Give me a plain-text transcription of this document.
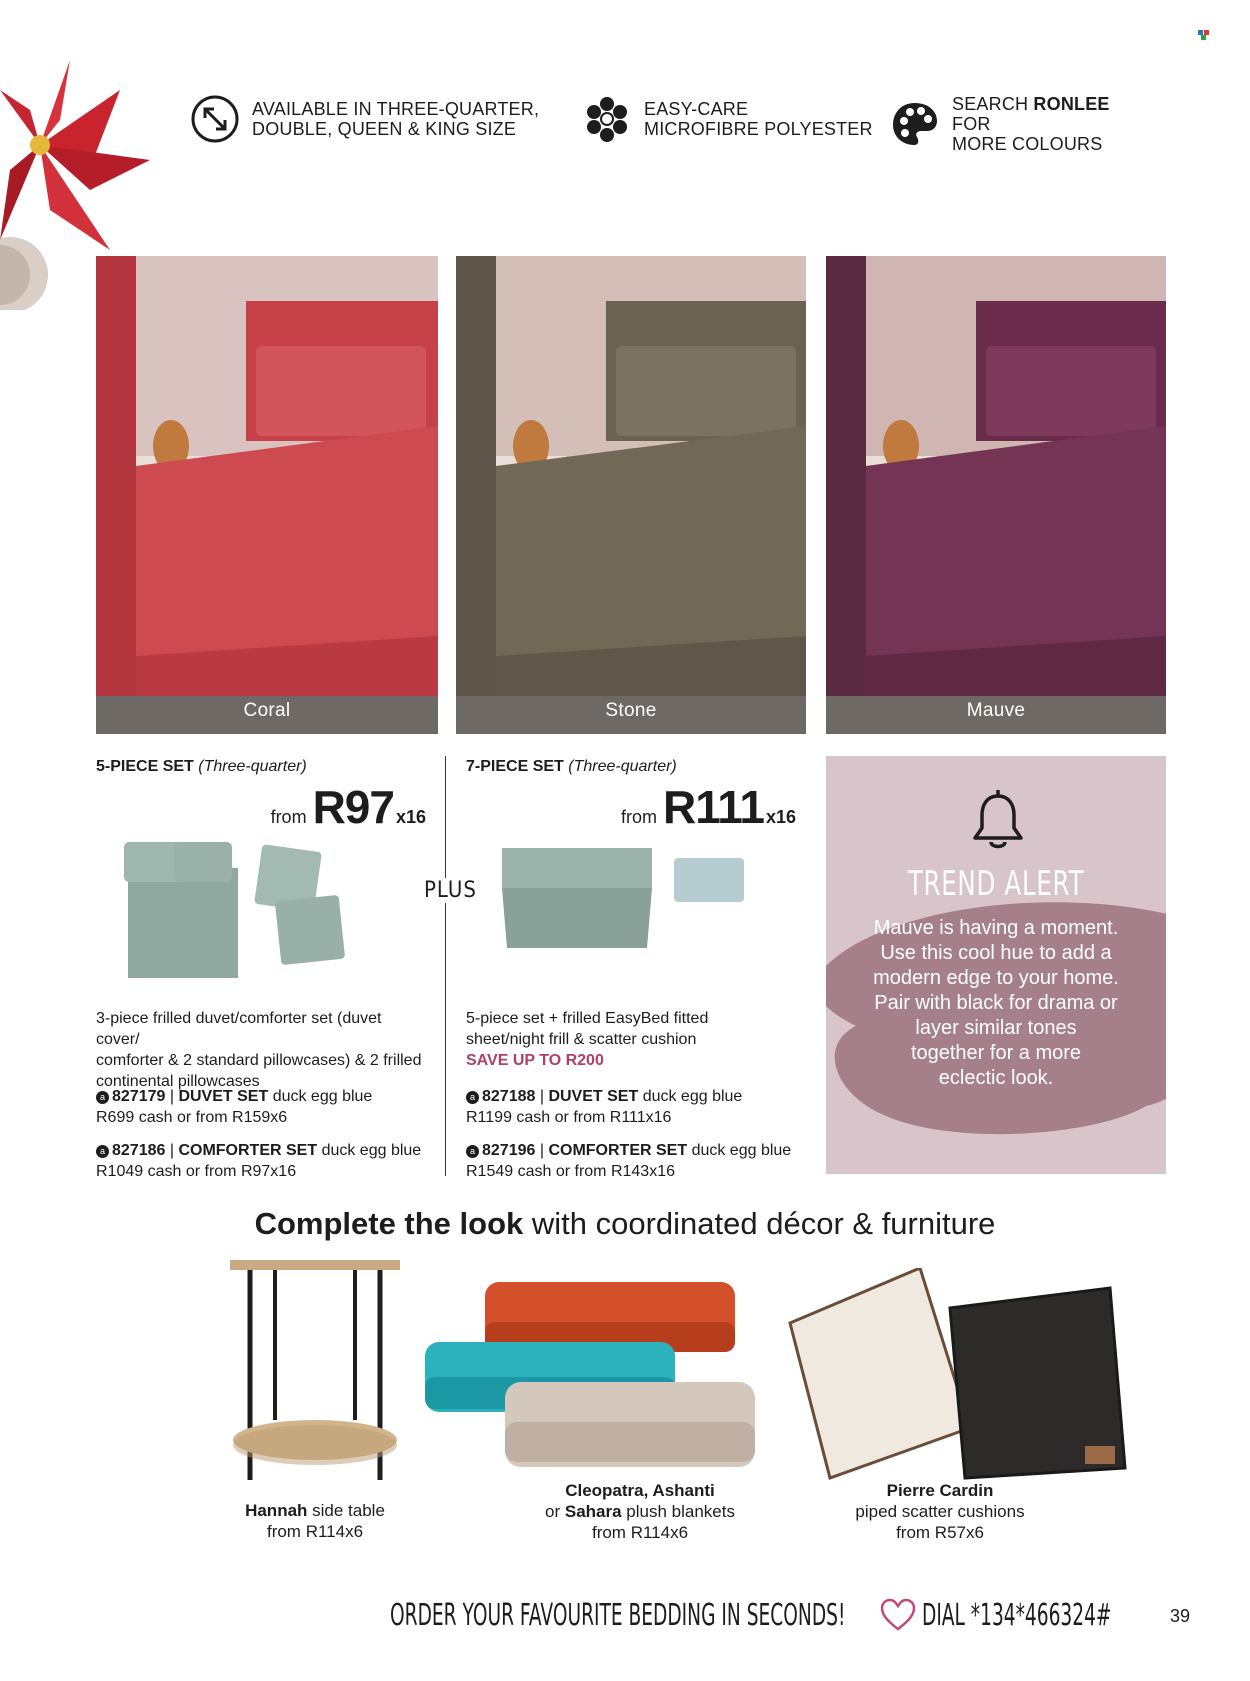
AVAILABLE IN THREE-QUARTER,
DOUBLE, QUEEN & KING SIZE
EASY-CARE
MICROFIBRE POLYESTER
SEARCH RONLEE FOR
MORE COLOURS
Coral	Stone	Mauve
5-PIECE SET (Three-quarter)
from R97 x16
3-piece frilled duvet/comforter set (duvet cover/
comforter & 2 standard pillowcases) & 2 frilled
continental pillowcases
a 827179 | DUVET SET duck egg blue
R699 cash or from R159x6
a 827186 | COMFORTER SET duck egg blue
R1049 cash or from R97x16
PLUS
7-PIECE SET (Three-quarter)
from R111 x16
5-piece set + frilled EasyBed fitted
sheet/night frill & scatter cushion
SAVE UP TO R200
a 827188 | DUVET SET duck egg blue
R1199 cash or from R111x16
a 827196 | COMFORTER SET duck egg blue
R1549 cash or from R143x16
TREND ALERT
Mauve is having a moment.
Use this cool hue to add a
modern edge to your home.
Pair with black for drama or
layer similar tones
together for a more
eclectic look.
Complete the look with coordinated décor & furniture
Hannah side table
from R114x6
Cleopatra, Ashanti
or Sahara plush blankets
from R114x6
Pierre Cardin
piped scatter cushions
from R57x6
ORDER YOUR FAVOURITE BEDDING IN SECONDS!	DIAL *134*466324#	39
